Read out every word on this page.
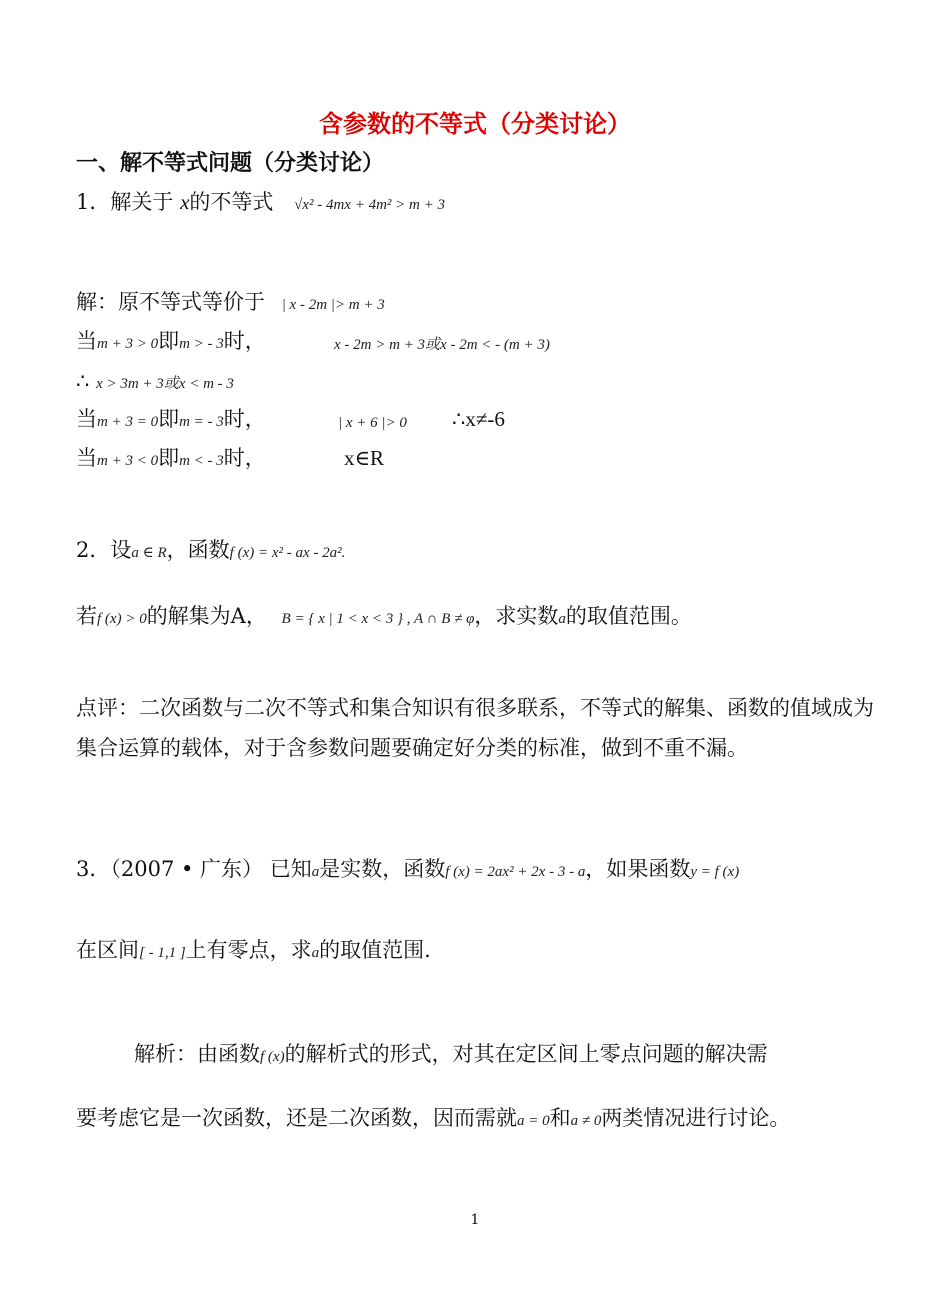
含参数的不等式（分类讨论）
一、解不等式问题（分类讨论）
1．解关于 x的不等式 √x² - 4mx + 4m² > m + 3
解：原不等式等价于 | x - 2m |> m + 3
当m + 3 > 0即m > - 3时，	x - 2m > m + 3或x - 2m < - (m + 3)
∴ x > 3m + 3或x < m - 3
当m + 3 = 0即m = - 3时，	| x + 6 |> 0 ∴x≠-6
当m + 3 < 0即m < - 3时，	x∈R
2．设a ∈ R，函数f (x) = x² - ax - 2a².
若f (x) > 0的解集为A， B = { x | 1 < x < 3 } , A ∩ B ≠ φ，求实数a的取值范围。
点评：二次函数与二次不等式和集合知识有很多联系，不等式的解集、函数的值域成为集合运算的载体，对于含参数问题要确定好分类的标准，做到不重不漏。
3．（2007 • 广东） 已知a是实数，函数f (x) = 2ax² + 2x - 3 - a，如果函数y = f (x)
在区间[ - 1,1 ]上有零点，求a的取值范围.
解析：由函数f (x)的解析式的形式，对其在定区间上零点问题的解决需
要考虑它是一次函数，还是二次函数，因而需就a = 0和a ≠ 0两类情况进行讨论。
1
